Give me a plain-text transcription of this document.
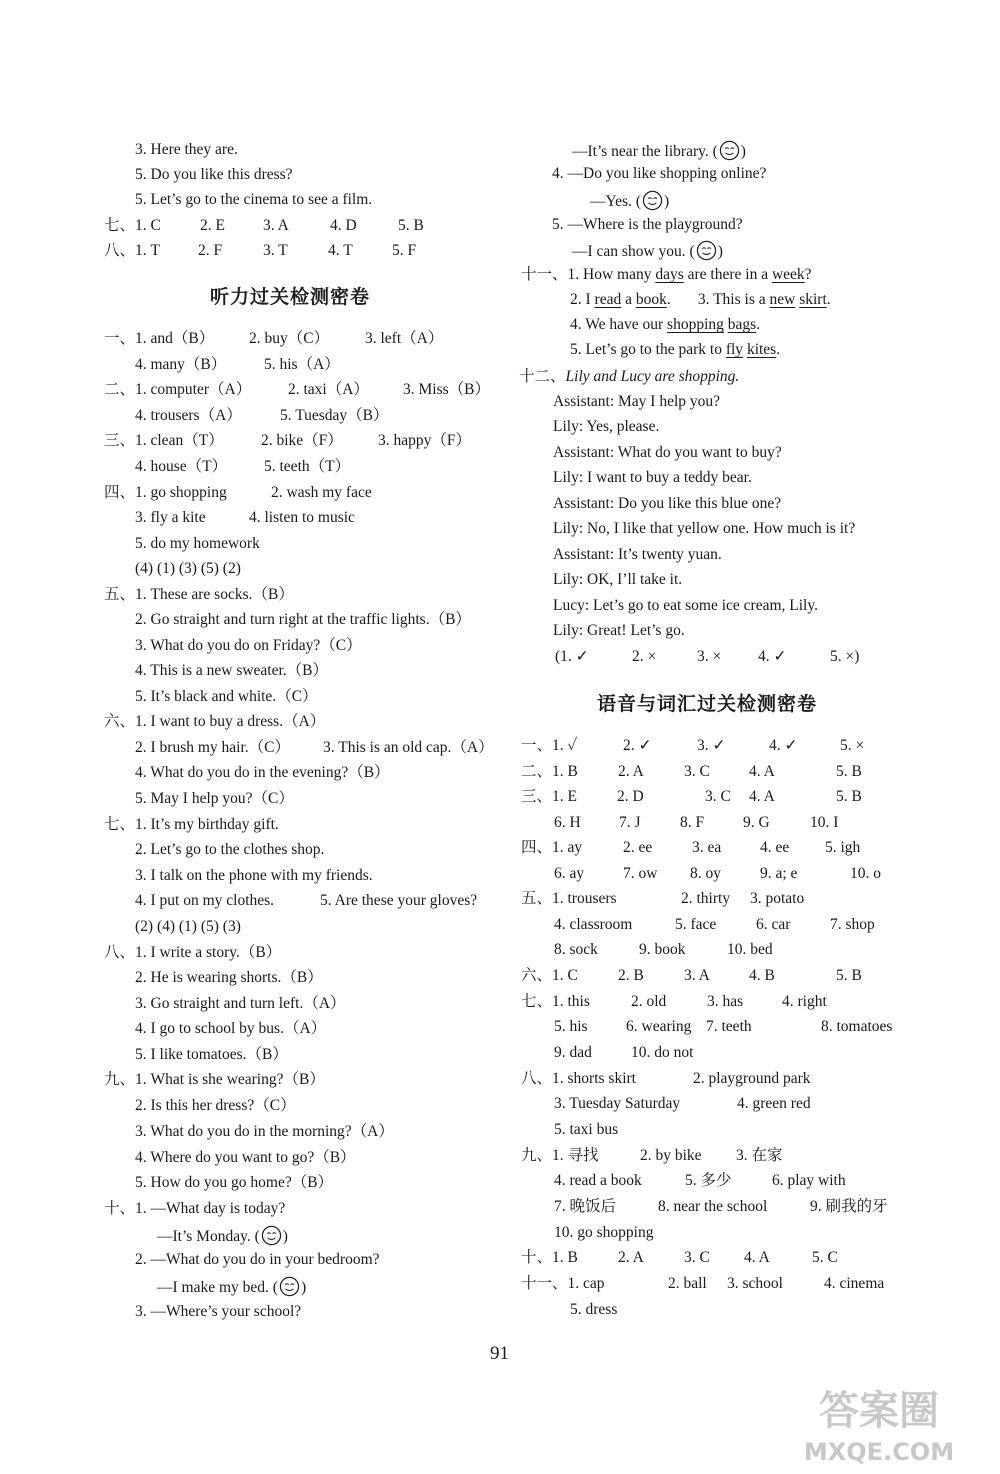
3. Here they are.
5. Do you like this dress?
5. Let’s go to the cinema to see a film.
七、1. C	2. E 3. A	4. D	5. B
八、1. T 2. F	3. T	4. T	5. F
听力过关检测密卷
一、1. and（B） 2. buy（C） 3. left（A）
4. many（B） 5. his（A）
二、1. computer（A） 2. taxi（A） 3. Miss（B）
4. trousers（A） 5. Tuesday（B）
三、1. clean（T） 2. bike（F） 3. happy（F）
4. house（T） 5. teeth（T）
四、1. go shopping	2. wash my face
3. fly a kite	4. listen to music
5. do my homework
(4) (1) (3) (5) (2)
五、1. These are socks.（B）
2. Go straight and turn right at the traffic lights.（B）
3. What do you do on Friday?（C）
4. This is a new sweater.（B）
5. It’s black and white.（C）
六、1. I want to buy a dress.（A）
2. I brush my hair.（C） 3. This is an old cap.（A）
4. What do you do in the evening?（B）
5. May I help you?（C）
七、1. It’s my birthday gift.
2. Let’s go to the clothes shop.
3. I talk on the phone with my friends.
4. I put on my clothes.	5. Are these your gloves?
(2) (4) (1) (5) (3)
八、1. I write a story.（B）
2. He is wearing shorts.（B）
3. Go straight and turn left.（A）
4. I go to school by bus.（A）
5. I like tomatoes.（B）
九、1. What is she wearing?（B）
2. Is this her dress?（C）
3. What do you do in the morning?（A）
4. Where do you want to go?（B）
5. How do you go home?（B）
十、1. —What day is today?
—It’s Monday. ( )
2. —What do you do in your bedroom?
—I make my bed. ( )
3. —Where’s your school?
—It’s near the library. ( )
4. —Do you like shopping online?
—Yes. ( )
5. —Where is the playground?
—I can show you. ( )
十一、1. How many days are there in a week?
2. I read a book.       3. This is a new skirt.
4. We have our shopping bags.
5. Let’s go to the park to fly kites.
十二、Lily and Lucy are shopping.
Assistant: May I help you?
Lily: Yes, please.
Assistant: What do you want to buy?
Lily: I want to buy a teddy bear.
Assistant: Do you like this blue one?
Lily: No, I like that yellow one. How much is it?
Assistant: It’s twenty yuan.
Lily: OK, I’ll take it.
Lucy: Let’s go to eat some ice cream, Lily.
Lily: Great! Let’s go.
(1. ✓	2. ×	3. × 4. ✓	5. ×)
语音与词汇过关检测密卷
一、1. ✓	2. ✓	3. ✓	4. ✓	5. ×
二、1. B	2. A	3. C	4. A	5. B
三、1. E	2. D	3. C 4. A	5. B
6. H 7. J	8. F	9. G	10. I
四、1. ay	2. ee	3. ea 4. ee 5. igh
6. ay	7. ow 8. oy	9. a; e	10. o
五、1. trousers	2. thirty 3. potato
4. classroom	5. face	6. car	7. shop
8. sock	9. book	10. bed
六、1. C	2. B	3. A	4. B	5. B
七、1. this	2. old	3. has	4. right
5. his 6. wearing 7. teeth	8. tomatoes
9. dad	10. do not
八、1. shorts skirt	2. playground park
3. Tuesday Saturday	4. green red
5. taxi bus
九、1. 寻找	2. by bike 3. 在家
4. read a book	5. 多少	6. play with
7. 晚饭后	8. near the school	9. 刷我的牙
10. go shopping
十、1. B	2. A	3. C 4. A	5. C
十一、1. cap	2. ball 3. school	4. cinema
5. dress
91
答案圈
MXQE.COM
